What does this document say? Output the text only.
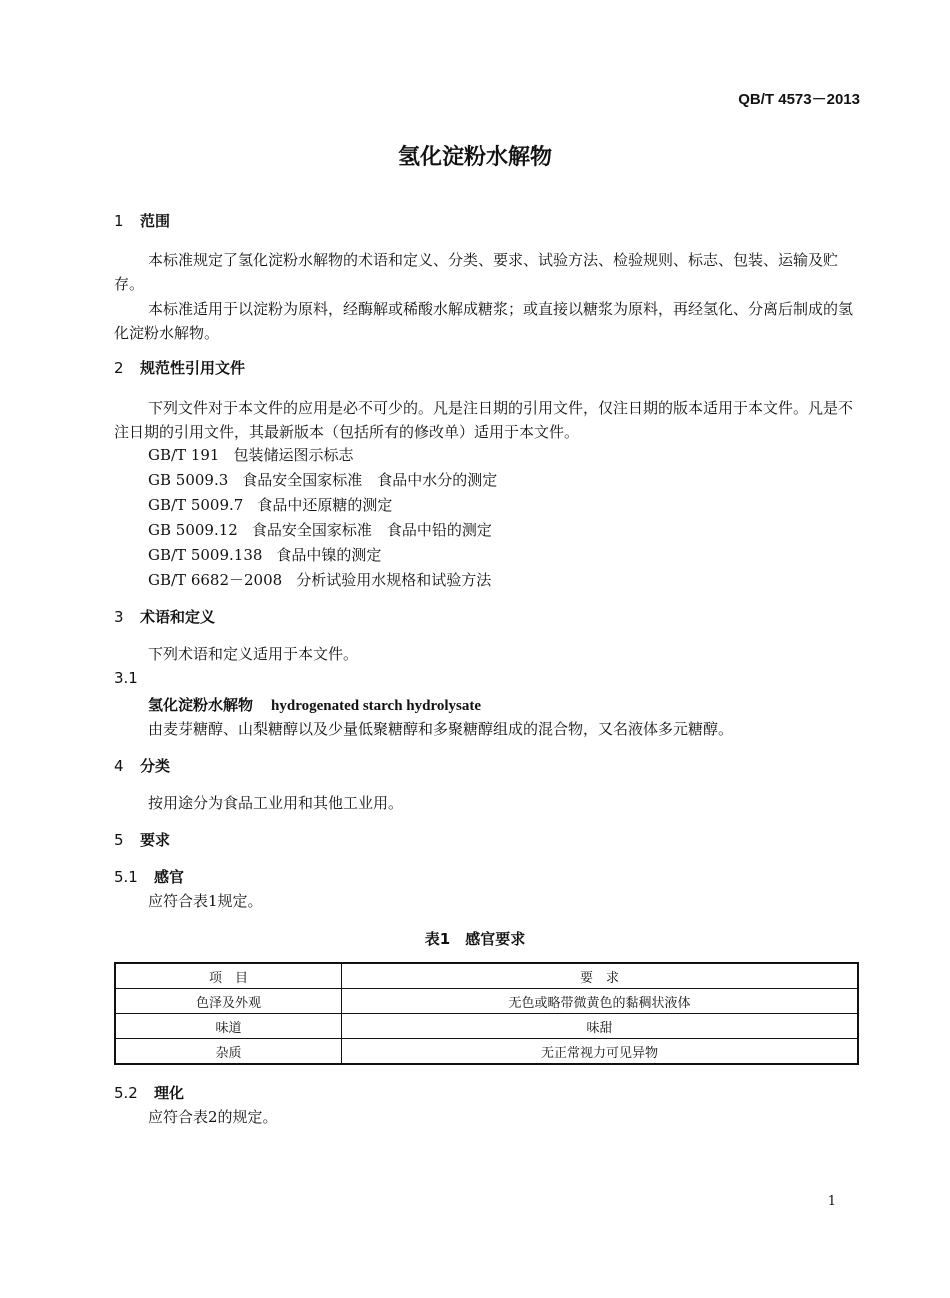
QB/T 4573－2013
氢化淀粉水解物
1 范围
本标准规定了氢化淀粉水解物的术语和定义、分类、要求、试验方法、检验规则、标志、包装、运输及贮存。
本标准适用于以淀粉为原料，经酶解或稀酸水解成糖浆；或直接以糖浆为原料，再经氢化、分离后制成的氢化淀粉水解物。
2 规范性引用文件
下列文件对于本文件的应用是必不可少的。凡是注日期的引用文件，仅注日期的版本适用于本文件。凡是不注日期的引用文件，其最新版本（包括所有的修改单）适用于本文件。
GB/T 191 包装储运图示标志
GB 5009.3 食品安全国家标准　食品中水分的测定
GB/T 5009.7 食品中还原糖的测定
GB 5009.12 食品安全国家标准　食品中铅的测定
GB/T 5009.138 食品中镍的测定
GB/T 6682－2008 分析试验用水规格和试验方法
3 术语和定义
下列术语和定义适用于本文件。
3.1
氢化淀粉水解物 hydrogenated starch hydrolysate
由麦芽糖醇、山梨糖醇以及少量低聚糖醇和多聚糖醇组成的混合物，又名液体多元糖醇。
4 分类
按用途分为食品工业用和其他工业用。
5 要求
5.1 感官
应符合表1规定。
表1　感官要求
项　目	要　求
色泽及外观	无色或略带微黄色的黏稠状液体
味道	味甜
杂质	无正常视力可见异物
5.2 理化
应符合表2的规定。
1
